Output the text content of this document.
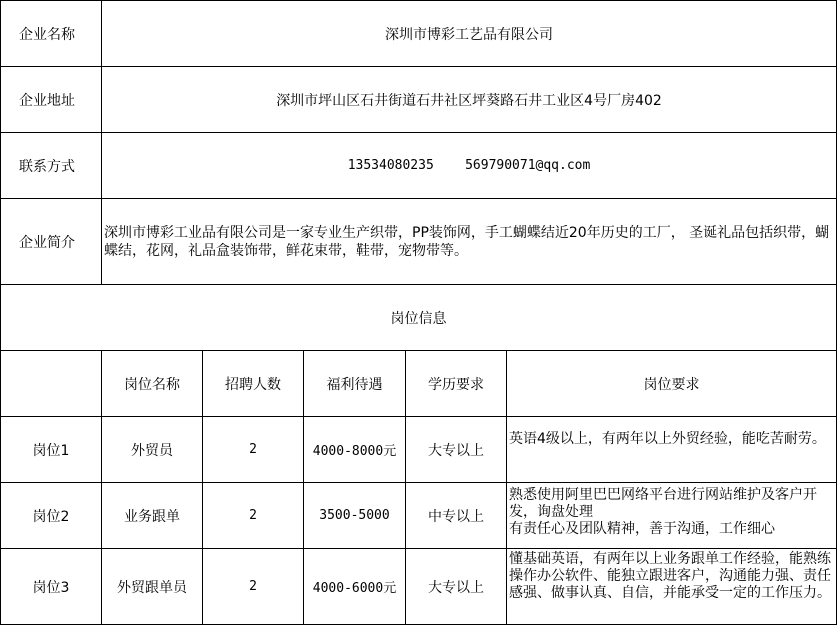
企业名称	深圳市博彩工艺品有限公司				
企业地址	深圳市坪山区石井街道石井社区坪葵路石井工业区4号厂房402				
联系方式	13534080235 569790071@qq.com				
企业简介	深圳市博彩工业品有限公司是一家专业生产织带，PP装饰网，手工蝴蝶结近20年历史的工厂， 圣诞礼品包括织带，蝴蝶结，花网，礼品盒装饰带，鲜花束带，鞋带，宠物带等。				
岗位信息					
	岗位名称	招聘人数	福利待遇	学历要求	岗位要求
岗位1	外贸员	2	4000-8000元	大专以上	英语4级以上，有两年以上外贸经验，能吃苦耐劳。

岗位2	业务跟单	2	3500-5000	中专以上	熟悉使用阿里巴巴网络平台进行网站维护及客户开发，询盘处理
有责任心及团队精神，善于沟通，工作细心

岗位3	外贸跟单员	2	4000-6000元	大专以上	懂基础英语，有两年以上业务跟单工作经验，能熟练操作办公软件、能独立跟进客户，沟通能力强、责任感强、做事认真、自信，并能承受一定的工作压力。
